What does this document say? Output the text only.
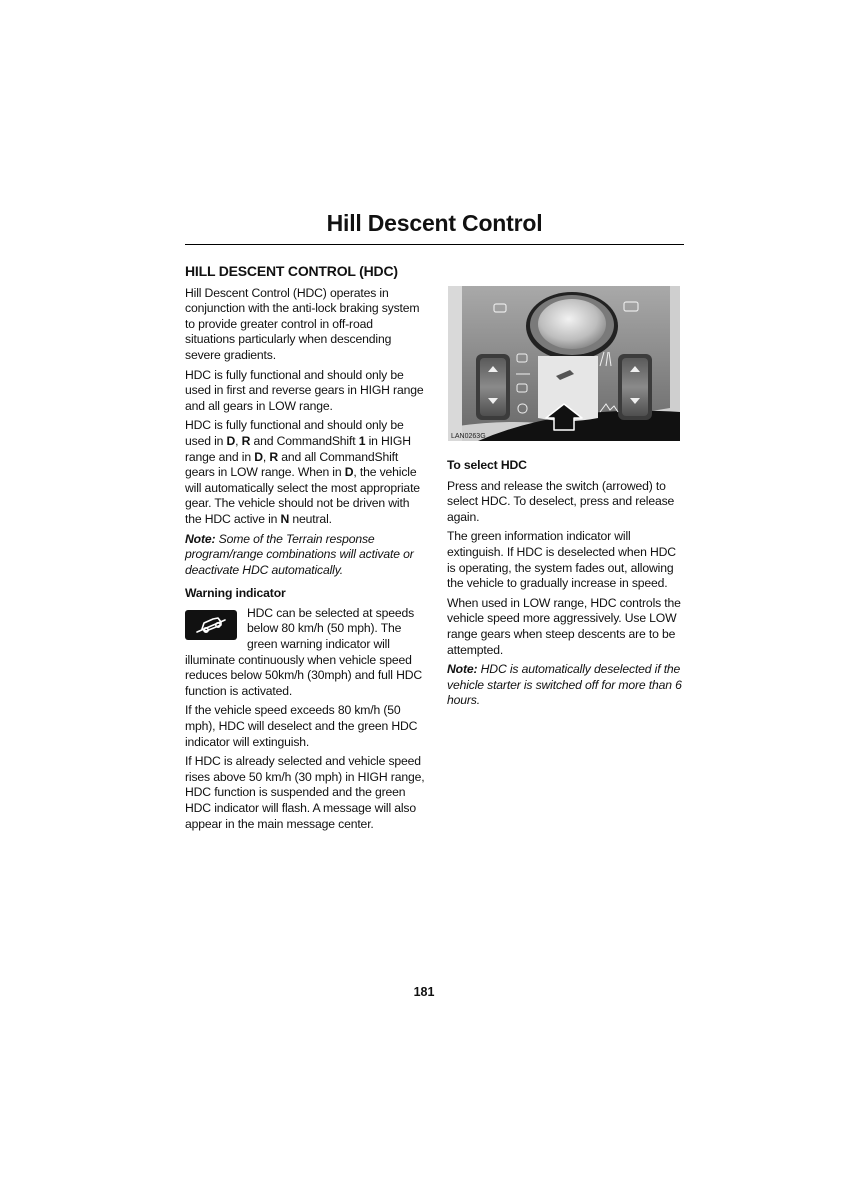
Hill Descent Control
HILL DESCENT CONTROL (HDC)

Hill Descent Control (HDC) operates in conjunction with the anti-lock braking system to provide greater control in off-road situations particularly when descending severe gradients.

HDC is fully functional and should only be used in first and reverse gears in HIGH range and all gears in LOW range.

HDC is fully functional and should only be used in D, R and CommandShift 1 in HIGH range and in D, R and all CommandShift gears in LOW range. When in D, the vehicle will automatically select the most appropriate gear. The vehicle should not be driven with the HDC active in N neutral.

Note: Some of the Terrain response program/range combinations will activate or deactivate HDC automatically.

Warning indicator

HDC can be selected at speeds below 80 km/h (50 mph). The green warning indicator will illuminate continuously when vehicle speed reduces below 50km/h (30mph) and full HDC function is activated.

If the vehicle speed exceeds 80 km/h (50 mph), HDC will deselect and the green HDC indicator will extinguish.

If HDC is already selected and vehicle speed rises above 50 km/h (30 mph) in HIGH range, HDC function is suspended and the green HDC indicator will flash. A message will also appear in the main message center.

LAN0263G
To select HDC

Press and release the switch (arrowed) to select HDC. To deselect, press and release again.

The green information indicator will extinguish. If HDC is deselected when HDC is operating, the system fades out, allowing the vehicle to gradually increase in speed.

When used in LOW range, HDC controls the vehicle speed more aggressively. Use LOW range gears when steep descents are to be attempted.

Note: HDC is automatically deselected if the vehicle starter is switched off for more than 6 hours.

181
